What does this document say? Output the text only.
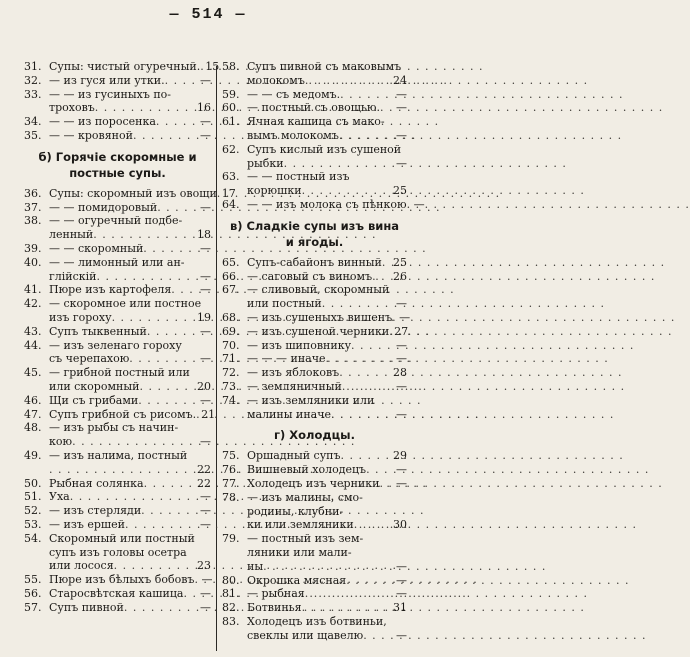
— 514 —
31. Супы: чистый огуречный. . . . 15
32. — из гуся или утки. . . .	—
33. — — из гусиныхъ по-
троховъ . . .	16
34. — — из поросенка . . .	—
35. — — кровяной . . .	—
б) Горячіе скоромные и постные супы.
36. Супы: скоромный изъ овощи . . . 17
37. — — помидоровый . . .	—
38. — — огуречный подбе-
ленный . . .	18
39. — — скоромный . . .	—
40. — — лимонный или ан-
глійскій . . .	—
41. Пюре изъ картофеля . . .	—
42. — скоромное или постное
изъ гороху . . .	19
43. Супъ тыквенный . . .	—
44. — изъ зеленаго гороху
съ черепахою . . .	—
45. — грибной постный или
или скоромный . . .	20
46. Щи съ грибами . . .	—
47. Супъ грибной съ рисомъ. . . . 21
48. — изъ рыбы съ начин-
кою . . .	—
49. — изъ налима, постный
. . .
22
50. Рыбная солянка . . .	22
51. Уха . . .	—
52. — изъ стерляди . . .	—
53. — изъ ершей . . .	—
54. Скоромный или постный
супъ изъ головы осетра
или лосося . . .	23
55. Пюре изъ бѣлыхъ бобовъ . . . —
56. Старосвѣтская кашица . . . —
57. Супъ пивной . . .	—
58. Супъ пивной съ маковымъ
молокомъ . . .	24
59. — — съ медомъ. . . .	—
60. — постный съ овощью. . . . —
61. Ячная кашица съ мако-
вымъ молокомъ . . .	—
62. Супъ кислый изъ сушеной
рыбки . . .	—
63. — — постный изъ
корюшки . . .	25
64. — — изъ молока съ пѣнкою . . . —
в) Сладкіе супы изъ вина и ягоды.
65. Супъ-сабайонъ винный . . . 25
66. — саговый съ виномъ . . . 26
67. — сливовый, скоромный
или постный . . .	—
68. — изъ сушеныхъ вишенъ . . . —
69. — изъ сушеной черники . . . 27
70. — изъ шиповнику . . .	—
71. — — — иначе . . .	—
72. — изъ яблоковъ . . .	28
73. — земляничный . . .	—
74. — изъ земляники или
малины иначе . . .	—
г) Холодцы.
75. Оршадный супъ . . .	29
76. Вишневый холодецъ . . .	—
77. Холодецъ изъ черники . . . —
78. — изъ малины, смо-
родины, клубни-
ки или земляники . . .	30
79. — постный изъ зем-
ляники или мали-
ны . . .	—
80. Окрошка мясная . . .	—
81. — рыбная . . .	—
82. Ботвинья . . .	31
83. Холодецъ изъ ботвиньи,
свеклы или щавелю . . .	—
